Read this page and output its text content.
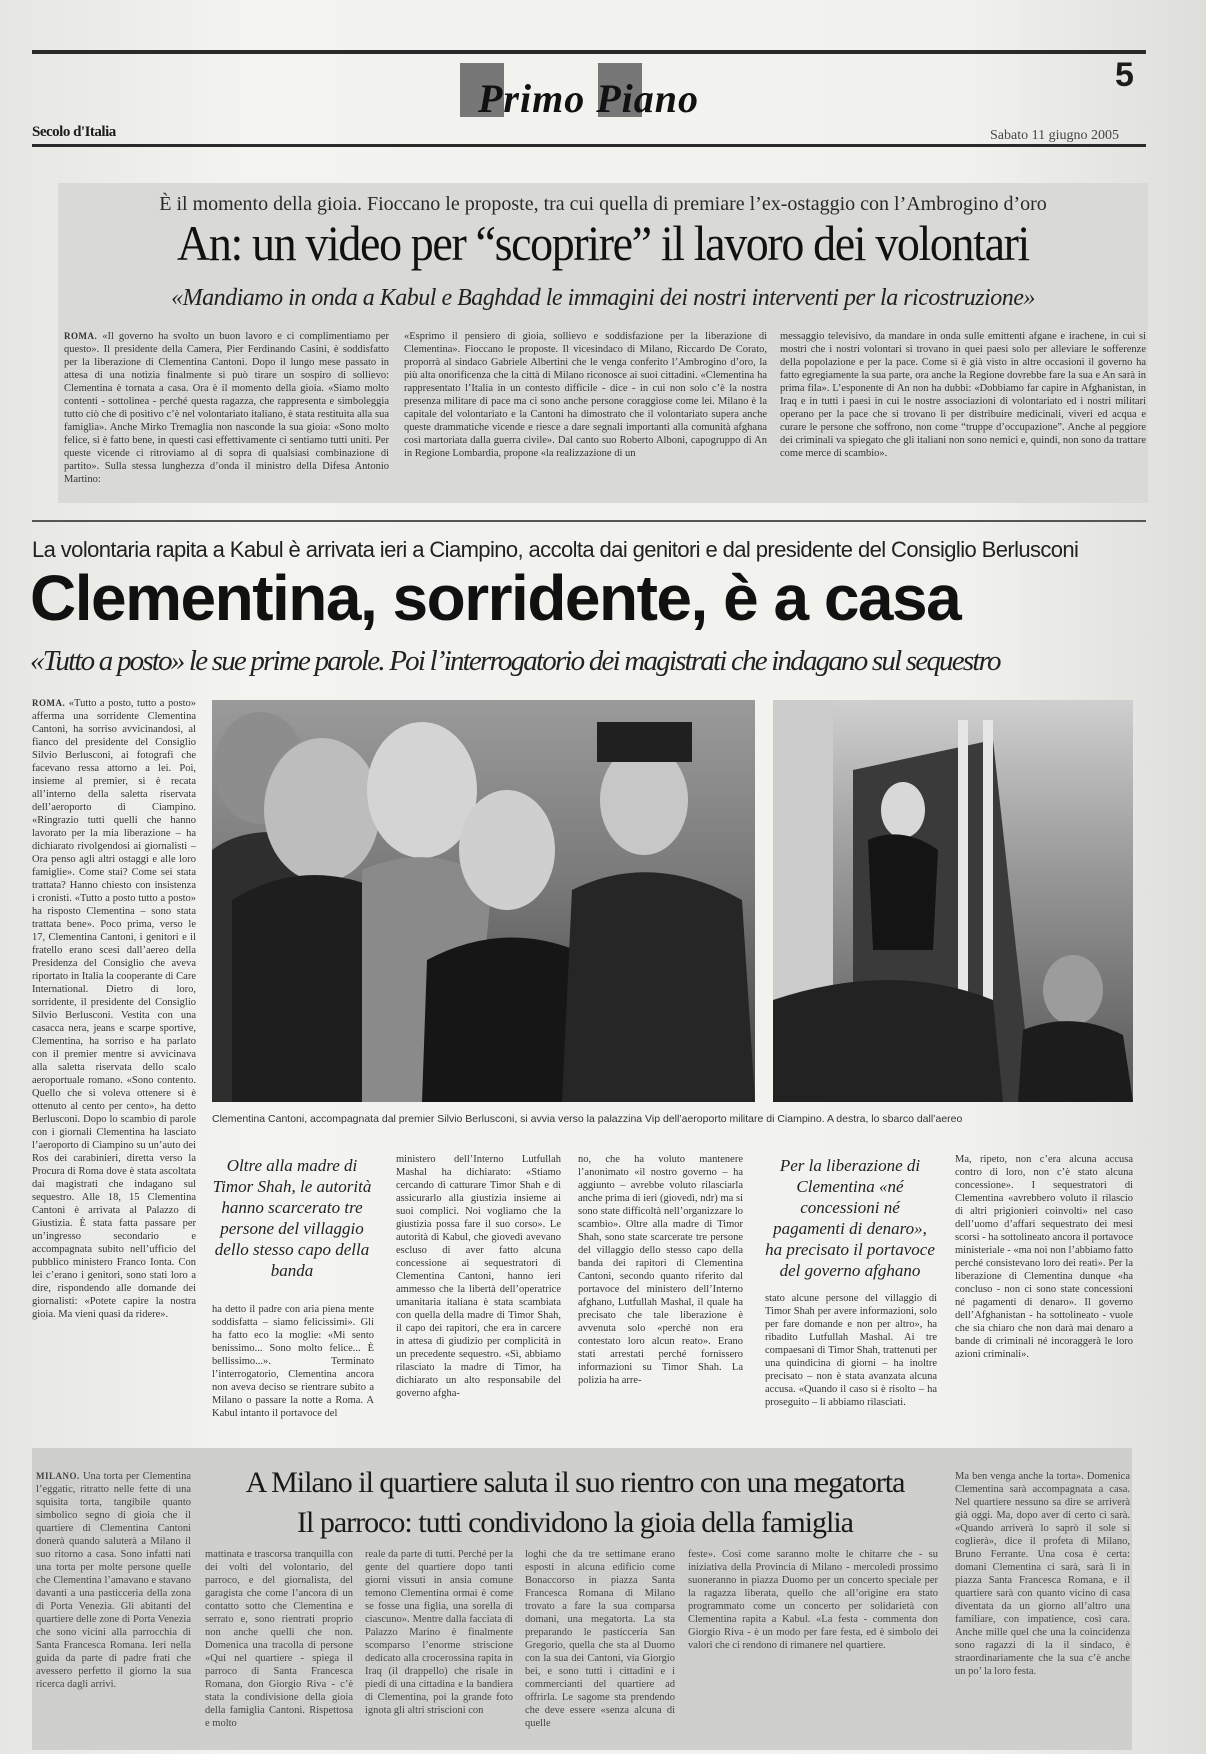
Primo Piano
5
Secolo d'Italia	Sabato 11 giugno 2005
È il momento della gioia. Fioccano le proposte, tra cui quella di premiare l’ex-ostaggio con l’Ambrogino d’oro
An: un video per “scoprire” il lavoro dei volontari
«Mandiamo in onda a Kabul e Baghdad le immagini dei nostri interventi per la ricostruzione»
ROMA. «Il governo ha svolto un buon lavoro e ci complimentiamo per questo». Il presidente della Camera, Pier Ferdinando Casini, è soddisfatto per la liberazione di Clementina Cantoni. Dopo il lungo mese passato in attesa di una notizia finalmente si può tirare un sospiro di sollievo: Clementina è tornata a casa. Ora è il momento della gioia. «Siamo molto contenti - sottolinea - perché questa ragazza, che rappresenta e simboleggia tutto ciò che di positivo c’è nel volontariato italiano, è stata restituita alla sua famiglia». Anche Mirko Tremaglia non nasconde la sua gioia: «Sono molto felice, si è fatto bene, in questi casi effettivamente ci sentiamo tutti uniti. Per queste vicende ci ritroviamo al di sopra di qualsiasi combinazione di partito». Sulla stessa lunghezza d’onda il ministro della Difesa Antonio Martino:
«Esprimo il pensiero di gioia, sollievo e soddisfazione per la liberazione di Clementina». Fioccano le proposte. Il vicesindaco di Milano, Riccardo De Corato, proporrà al sindaco Gabriele Albertini che le venga conferito l’Ambrogino d’oro, la più alta onorificenza che la città di Milano riconosce ai suoi cittadini. «Clementina ha rappresentato l’Italia in un contesto difficile - dice - in cui non solo c’è la nostra presenza militare di pace ma ci sono anche persone coraggiose come lei. Milano è la capitale del volontariato e la Cantoni ha dimostrato che il volontariato supera anche queste drammatiche vicende e riesce a dare segnali importanti alla comunità afghana così martoriata dalla guerra civile». Dal canto suo Roberto Alboni, capogruppo di An in Regione Lombardia, propone «la realizzazione di un
messaggio televisivo, da mandare in onda sulle emittenti afgane e irachene, in cui si mostri che i nostri volontari si trovano in quei paesi solo per alleviare le sofferenze della popolazione e per la pace. Come si è già visto in altre occasioni il governo ha fatto egregiamente la sua parte, ora anche la Regione dovrebbe fare la sua e An sarà in prima fila». L’esponente di An non ha dubbi: «Dobbiamo far capire in Afghanistan, in Iraq e in tutti i paesi in cui le nostre associazioni di volontariato ed i nostri militari operano per la pace che si trovano lì per distribuire medicinali, viveri ed acqua e curare le persone che soffrono, non come “truppe d’occupazione”. Anche al peggiore dei criminali va spiegato che gli italiani non sono nemici e, quindi, non sono da trattare come merce di scambio».
La volontaria rapita a Kabul è arrivata ieri a Ciampino, accolta dai genitori e dal presidente del Consiglio Berlusconi
Clementina, sorridente, è a casa
«Tutto a posto» le sue prime parole. Poi l’interrogatorio dei magistrati che indagano sul sequestro
ROMA. «Tutto a posto, tutto a posto» afferma una sorridente Clementina Cantoni, ha sorriso avvicinandosi, al fianco del presidente del Consiglio Silvio Berlusconi, ai fotografi che facevano ressa attorno a lei. Poi, insieme al premier, si è recata all’interno della saletta riservata dell’aeroporto di Ciampino. «Ringrazio tutti quelli che hanno lavorato per la mia liberazione – ha dichiarato rivolgendosi ai giornalisti – Ora penso agli altri ostaggi e alle loro famiglie». Come stai? Come sei stata trattata? Hanno chiesto con insistenza i cronisti. «Tutto a posto tutto a posto» ha risposto Clementina – sono stata trattata bene». Poco prima, verso le 17, Clementina Cantoni, i genitori e il fratello erano scesi dall’aereo della Presidenza del Consiglio che aveva riportato in Italia la cooperante di Care International. Dietro di loro, sorridente, il presidente del Consiglio Silvio Berlusconi. Vestita con una casacca nera, jeans e scarpe sportive, Clementina, ha sorriso e ha parlato con il premier mentre si avvicinava alla saletta riservata dello scalo aeroportuale romano. «Sono contento. Quello che si voleva ottenere si è ottenuto al cento per cento», ha detto Berlusconi. Dopo lo scambio di parole con i giornali Clementina ha lasciato l’aeroporto di Ciampino su un’auto dei Ros dei carabinieri, diretta verso la Procura di Roma dove è stata ascoltata dai magistrati che indagano sul sequestro. Alle 18, 15 Clementina Cantoni è arrivata al Palazzo di Giustizia. È stata fatta passare per un’ingresso secondario e accompagnata subito nell’ufficio del pubblico ministero Franco Ionta. Con lei c’erano i genitori, sono stati loro a dire, rispondendo alle domande dei giornalisti: «Potete capire la nostra gioia. Ma vieni quasi da ridere».
Clementina Cantoni, accompagnata dal premier Silvio Berlusconi, si avvia verso la palazzina Vip dell’aeroporto militare di Ciampino. A destra, lo sbarco dall’aereo
Oltre alla madre di Timor Shah, le autorità hanno scarcerato tre persone del villaggio dello stesso capo della banda
ha detto il padre con aria piena mente soddisfatta – siamo felicissimi». Gli ha fatto eco la moglie: «Mi sento benissimo... Sono molto felice... È bellissimo...». Terminato l’interrogatorio, Clementina ancora non aveva deciso se rientrare subito a Milano o passare la notte a Roma. A Kabul intanto il portavoce del
ministero dell’Interno Lutfullah Mashal ha dichiarato: «Stiamo cercando di catturare Timor Shah e di assicurarlo alla giustizia insieme ai suoi complici. Noi vogliamo che la giustizia possa fare il suo corso». Le autorità di Kabul, che giovedì avevano escluso di aver fatto alcuna concessione ai sequestratori di Clementina Cantoni, hanno ieri ammesso che la libertà dell’operatrice umanitaria italiana è stata scambiata con quella della madre di Timor Shah, il capo dei rapitori, che era in carcere in attesa di giudizio per complicità in un precedente sequestro. «Sì, abbiamo rilasciato la madre di Timor, ha dichiarato un alto responsabile del governo afgha-
no, che ha voluto mantenere l’anonimato «il nostro governo – ha aggiunto – avrebbe voluto rilasciarla anche prima di ieri (giovedì, ndr) ma si sono state difficoltà nell’organizzare lo scambio». Oltre alla madre di Timor Shah, sono state scarcerate tre persone del villaggio dello stesso capo della banda dei rapitori di Clementina Cantoni, secondo quanto riferito dal portavoce del ministero dell’Interno afghano, Lutfullah Mashal, il quale ha precisato che tale liberazione è avvenuta solo «perché non era contestato loro alcun reato». Erano stati arrestati perché fornissero informazioni su Timor Shah. La polizia ha arre-
Per la liberazione di Clementina «né concessioni né pagamenti di denaro», ha precisato il portavoce del governo afghano
stato alcune persone del villaggio di Timor Shah per avere informazioni, solo per fare domande e non per altro», ha ribadito Lutfullah Mashal. Ai tre compaesani di Timor Shah, trattenuti per una quindicina di giorni – ha inoltre precisato – non è stata avanzata alcuna accusa. «Quando il caso si è risolto – ha proseguito – li abbiamo rilasciati.
Ma, ripeto, non c’era alcuna accusa contro di loro, non c’è stato alcuna concessione». I sequestratori di Clementina «avrebbero voluto il rilascio di altri prigionieri coinvolti» nel caso dell’uomo d’affari sequestrato dei mesi scorsi - ha sottolineato ancora il portavoce ministeriale - «ma noi non l’abbiamo fatto perché consistevano loro dei reati». Per la liberazione di Clementina dunque «ha concluso - non ci sono state concessioni né pagamenti di denaro». Il governo dell’Afghanistan - ha sottolineato - vuole che sia chiaro che non darà mai denaro a bande di criminali né incoraggerà le loro azioni criminali».
MILANO. Una torta per Clementina l’eggatic, ritratto nelle fette di una squisita torta, tangibile quanto simbolico segno di gioia che il quartiere di Clementina Cantoni donerà quando saluterà a Milano il suo ritorno a casa. Sono infatti nati una torta per molte persone quelle che Clementina l’amavano e stavano davanti a una pasticceria della zona di Porta Venezia. Gli abitanti del quartiere delle zone di Porta Venezia che sono vicini alla parrocchia di Santa Francesca Romana. Ieri nella guida da parte di padre frati che avessero perfetto il giorno la sua ricerca dagli arrivi.
A Milano il quartiere saluta il suo rientro con una megatorta
Il parroco: tutti condividono la gioia della famiglia
mattinata e trascorsa tranquilla con dei volti del volontario, del parroco, e del giornalista, del garagista che come l’ancora di un contatto sotto che Clementina e serrato e, sono rientrati proprio non anche quelli che non. Domenica una tracolla di persone «Qui nel quartiere - spiega il parroco di Santa Francesca Romana, don Giorgio Riva - c’è stata la condivisione della gioia della famiglia Cantoni. Rispettosa e molto
reale da parte di tutti. Perché per la gente del quartiere dopo tanti giorni vissuti in ansia comune temono Clementina ormai è come se fosse una figlia, una sorella di ciascuno». Mentre dalla facciata di Palazzo Marino è finalmente scomparso l’enorme striscione dedicato alla crocerossina rapita in Iraq (il drappello) che risale in piedi di una cittadina e la bandiera di Clementina, poi la grande foto ignota gli altri striscioni con
loghi che da tre settimane erano esposti in alcuna edificio come Bonaccorso in piazza Santa Francesca Romana di Milano trovato a fare la sua comparsa domani, una megatorta. La sta preparando le pasticceria San Gregorio, quella che sta al Duomo con la sua dei Cantoni, via Giorgio bei, e sono tutti i cittadini e i commercianti del quartiere ad offrirla. Le sagome sta prendendo che deve essere «senza alcuna di quelle
feste». Così come saranno molte le chitarre che - su iniziativa della Provincia di Milano - mercoledì prossimo suoneranno in piazza Duomo per un concerto speciale per la ragazza liberata, quello che all’origine era stato programmato come un concerto per solidarietà con Clementina rapita a Kabul. «La festa - commenta don Giorgio Riva - è un modo per fare festa, ed è simbolo dei valori che ci rendono di rimanere nel quartiere.
Ma ben venga anche la torta». Domenica Clementina sarà accompagnata a casa. Nel quartiere nessuno sa dire se arriverà già oggi. Ma, dopo aver di certo ci sarà. «Quando arriverà lo saprò il sole si coglierà», dice il profeta di Milano, Bruno Ferrante. Una cosa è certa: domani Clementina ci sarà, sarà lì in piazza Santa Francesca Romana, e il quartiere sarà con quanto vicino di casa diventata da un giorno all’altro una familiare, con impatience, così cara. Anche mille quel che una la coincidenza sono ragazzi di la il sindaco, è straordinariamente che la sua c’è anche un po’ la loro festa.
